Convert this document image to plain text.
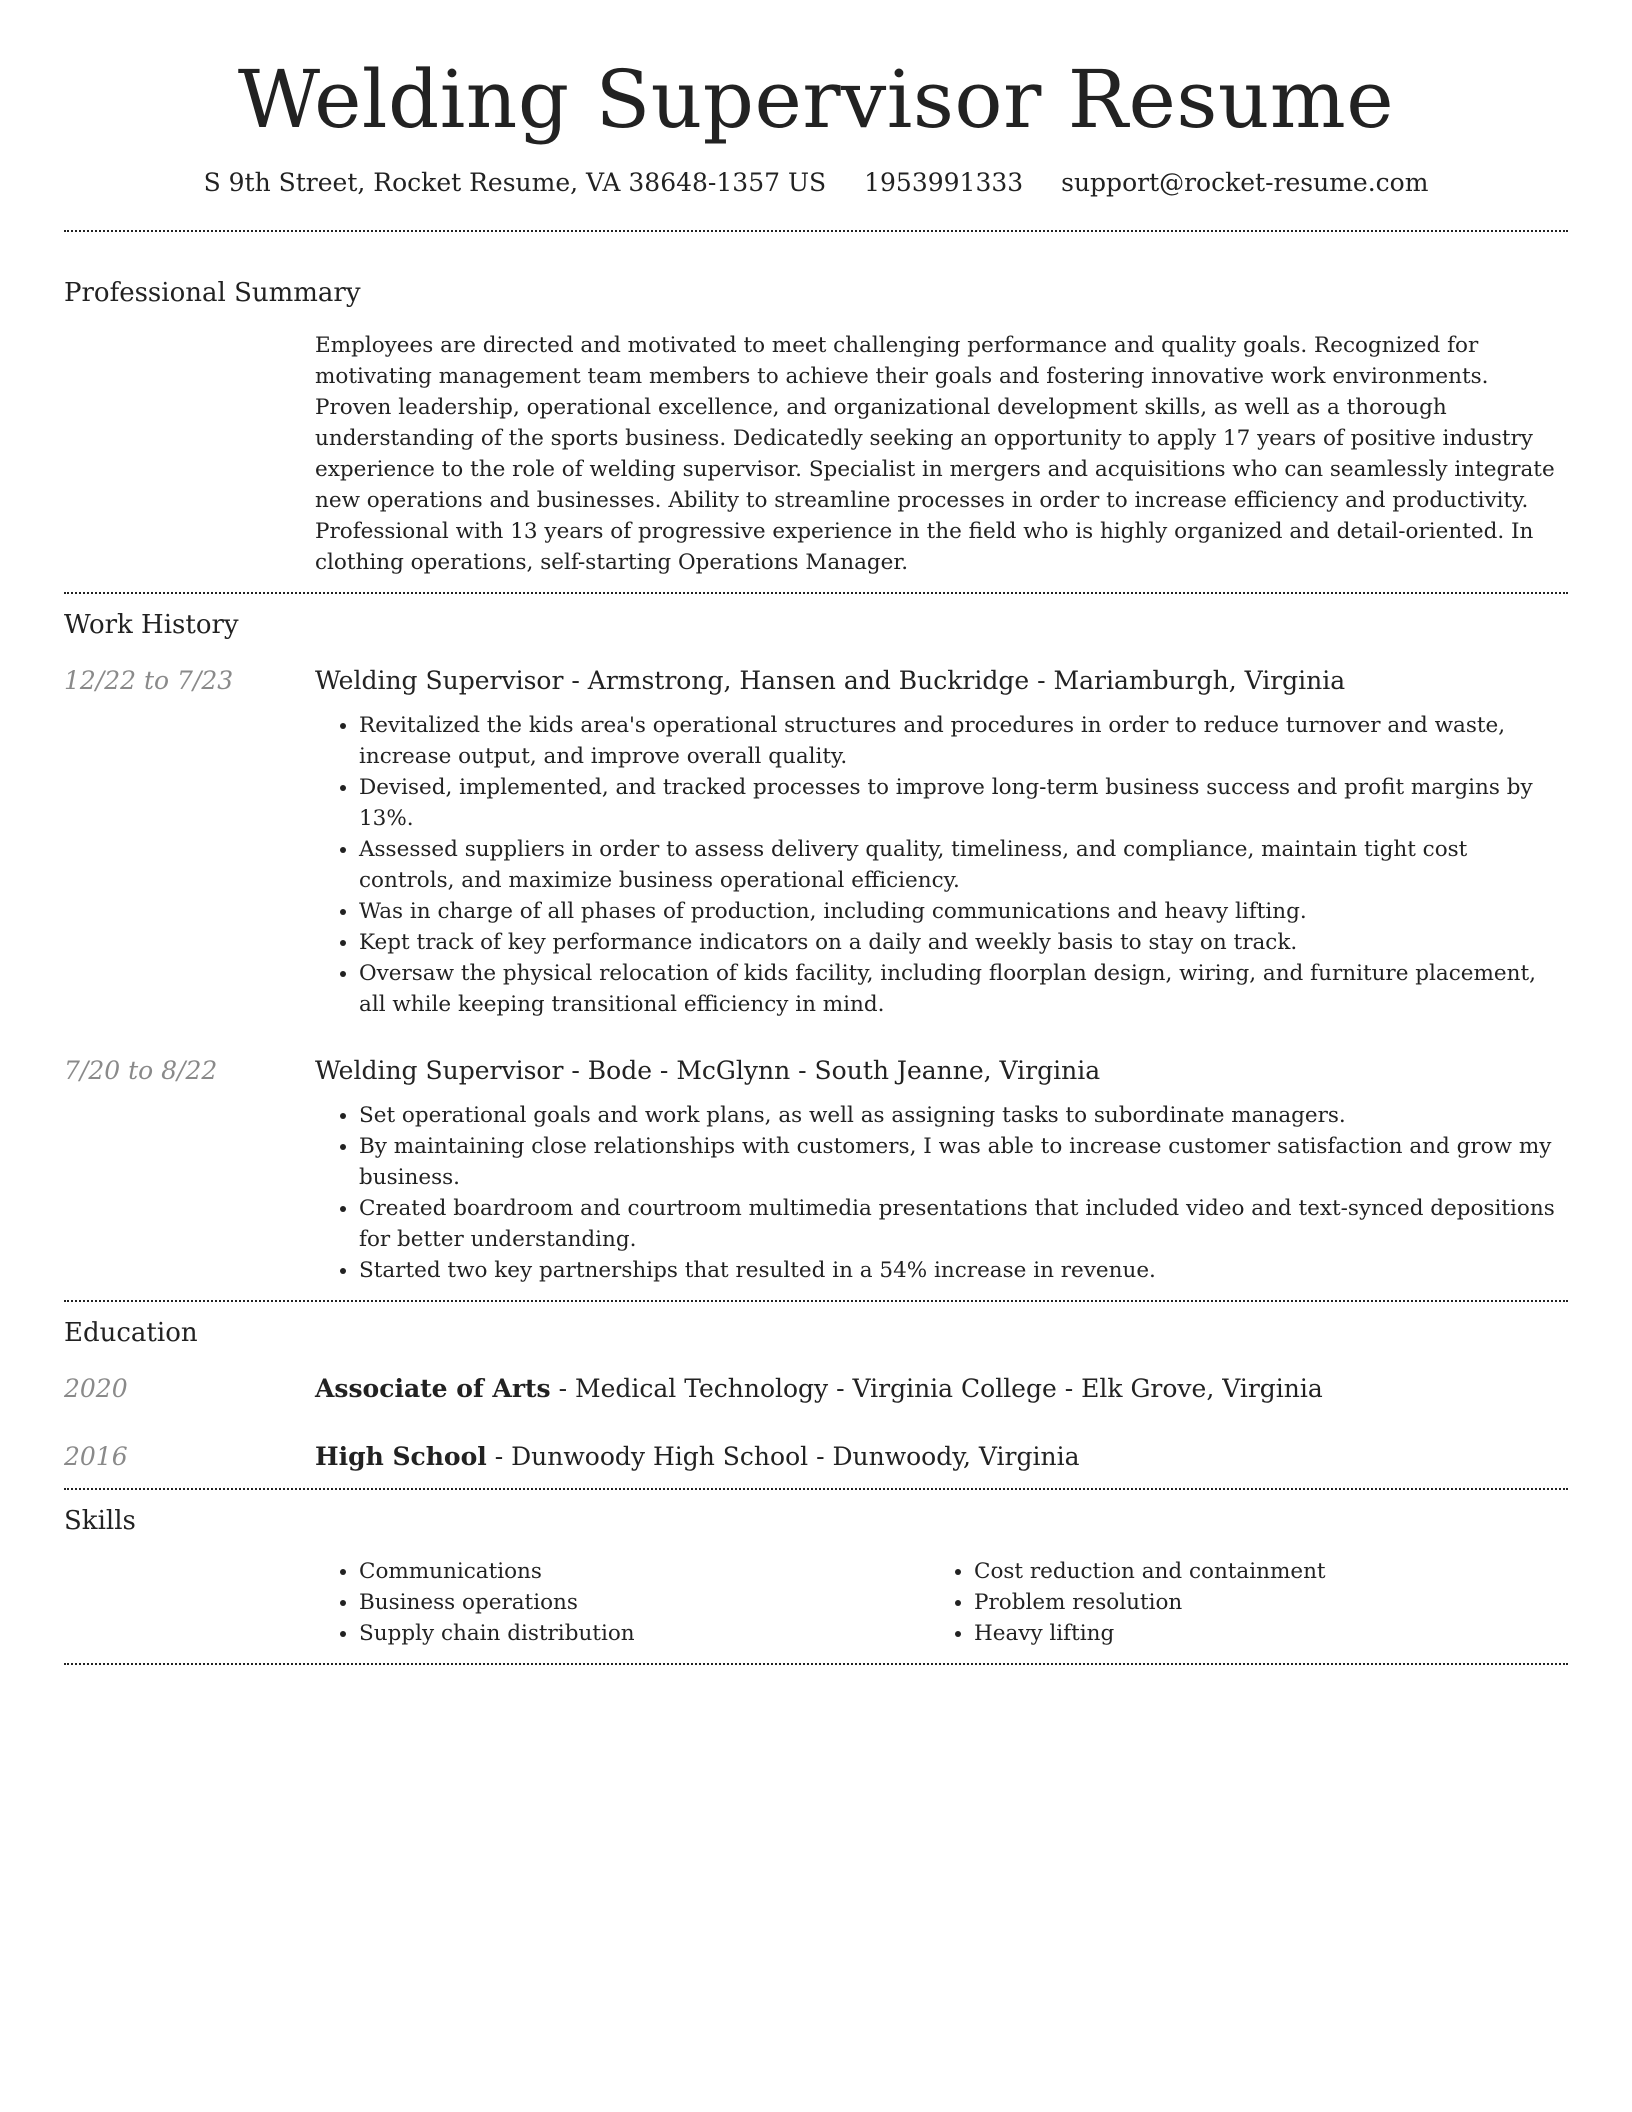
Welding Supervisor Resume
S 9th Street, Rocket Resume, VA 38648-1357 US 1953991333 support@rocket-resume.com
Professional Summary

Employees are directed and motivated to meet challenging performance and quality goals. Recognized for motivating management team members to achieve their goals and fostering innovative work environments. Proven leadership, operational excellence, and organizational development skills, as well as a thorough understanding of the sports business. Dedicatedly seeking an opportunity to apply 17 years of positive industry experience to the role of welding supervisor. Specialist in mergers and acquisitions who can seamlessly integrate new operations and businesses. Ability to streamline processes in order to increase efficiency and productivity. Professional with 13 years of progressive experience in the field who is highly organized and detail-oriented. In clothing operations, self-starting Operations Manager.

Work History
12/22 to 7/23	Welding Supervisor - Armstrong, Hansen and Buckridge - Mariamburgh, Virginia
• Revitalized the kids area's operational structures and procedures in order to reduce turnover and waste, increase output, and improve overall quality.
• Devised, implemented, and tracked processes to improve long-term business success and profit margins by 13%.
• Assessed suppliers in order to assess delivery quality, timeliness, and compliance, maintain tight cost controls, and maximize business operational efficiency.
• Was in charge of all phases of production, including communications and heavy lifting.
• Kept track of key performance indicators on a daily and weekly basis to stay on track.
• Oversaw the physical relocation of kids facility, including floorplan design, wiring, and furniture placement, all while keeping transitional efficiency in mind.
7/20 to 8/22	Welding Supervisor - Bode - McGlynn - South Jeanne, Virginia
• Set operational goals and work plans, as well as assigning tasks to subordinate managers.
• By maintaining close relationships with customers, I was able to increase customer satisfaction and grow my business.
• Created boardroom and courtroom multimedia presentations that included video and text-synced depositions for better understanding.
• Started two key partnerships that resulted in a 54% increase in revenue.
Education
2020	Associate of Arts - Medical Technology - Virginia College - Elk Grove, Virginia
2016	High School - Dunwoody High School - Dunwoody, Virginia
Skills
• Communications
• Business operations
• Supply chain distribution
• Cost reduction and containment
• Problem resolution
• Heavy lifting
